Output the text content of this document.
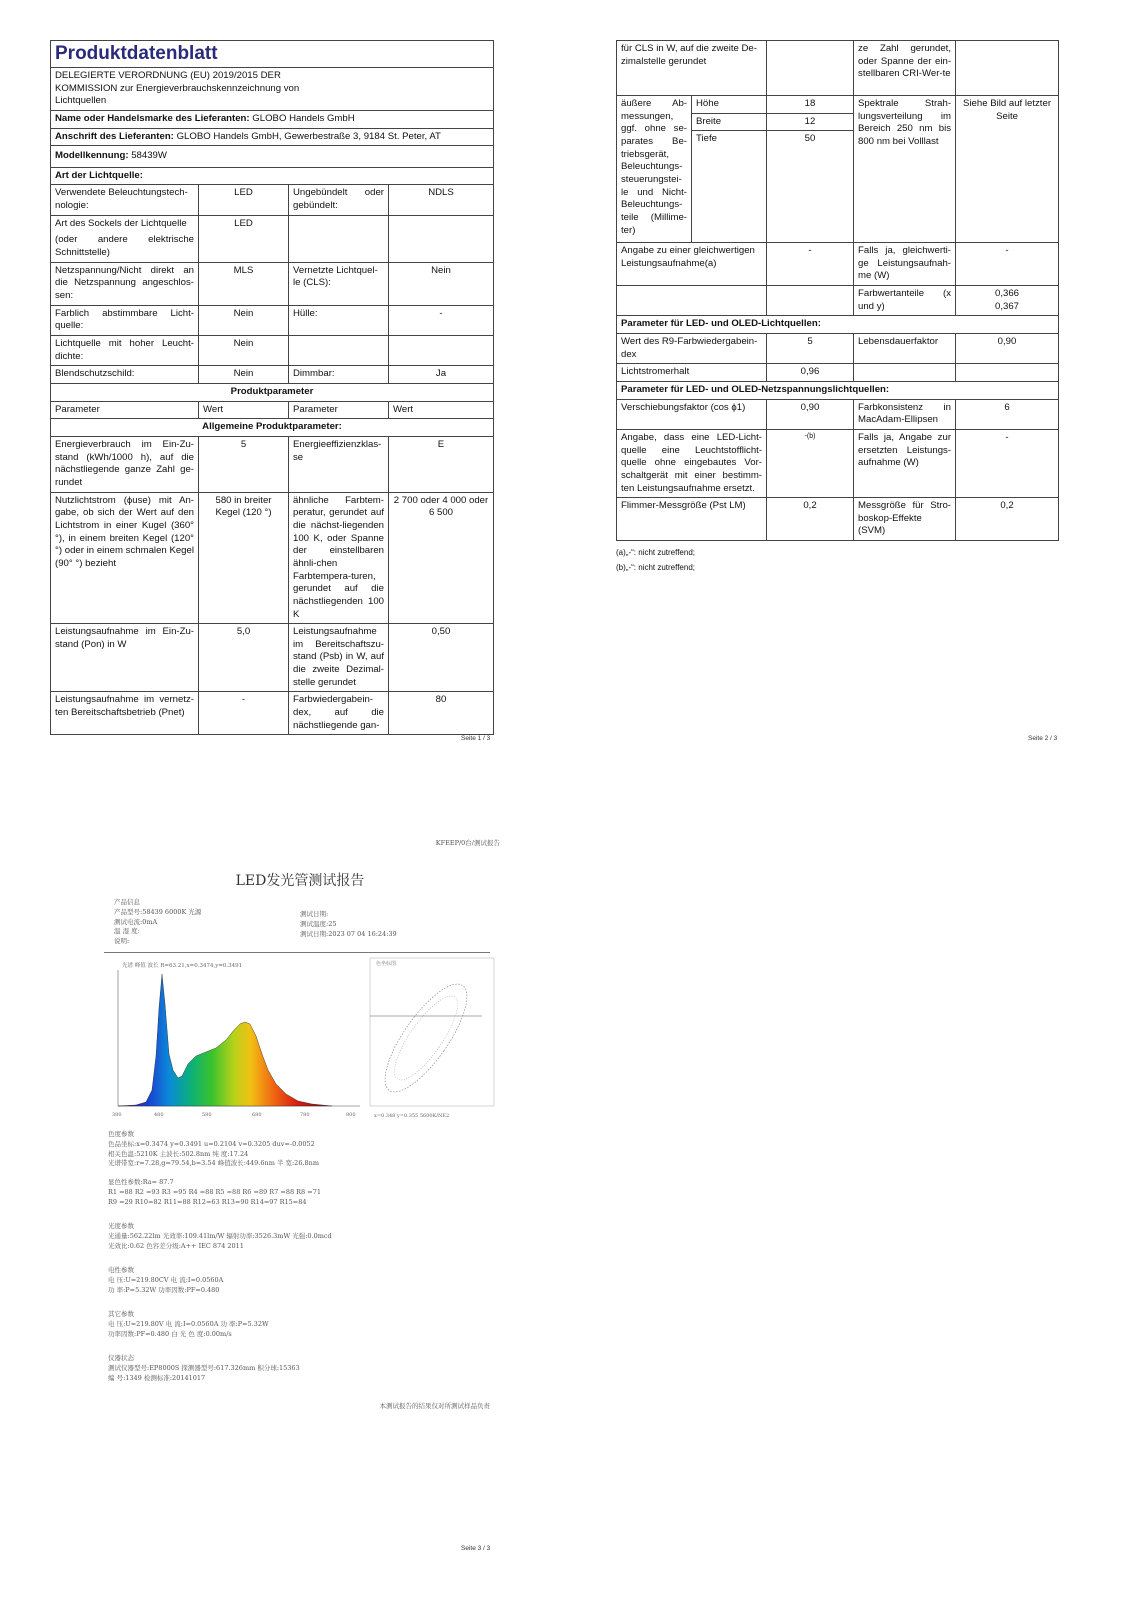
Produktdatenblatt			
DELEGIERTE VERORDNUNG (EU) 2019/2015 DER KOMMISSION zur Energieverbrauchskennzeichnung von Lichtquellen			
Name oder Handelsmarke des Lieferanten: GLOBO Handels GmbH			
Anschrift des Lieferanten: GLOBO Handels GmbH, Gewerbestraße 3, 9184 St. Peter, AT			
Modellkennung: 58439W			
Art der Lichtquelle:			
Verwendete Beleuchtungstech-nologie:	LED	Ungebündelt oder gebündelt:	NDLS

Art des Sockels der Lichtquelle
(oder andere elektrische Schnittstelle)	LED		
Netzspannung/Nicht direkt an die Netzspannung angeschlos-sen:	MLS	Vernetzte Lichtquel-le (CLS):	Nein
Farblich abstimmbare Licht-quelle:	Nein	Hülle:	-
Lichtquelle mit hoher Leucht-dichte:	Nein		
Blendschutzschild:	Nein	Dimmbar:	Ja
Produktparameter			
Parameter	Wert	Parameter	Wert
Allgemeine Produktparameter:			
Energieverbrauch im Ein-Zu-stand (kWh/1000 h), auf die nächstliegende ganze Zahl ge-rundet	5	Energieeffizienzklas-se	E
Nutzlichtstrom (ϕuse) mit An-gabe, ob sich der Wert auf den Lichtstrom in einer Kugel (360° °), in einem breiten Kegel (120°°) oder in einem schmalen Kegel (90° °) bezieht	580 in breiter Kegel (120 °)	ähnliche Farbtem-peratur, gerundet auf die nächst-liegenden 100 K, oder Spanne der einstellbaren ähnli-chen Farbtempera-turen, gerundet auf die nächstliegenden 100 K	2 700 oder 4 000 oder 6 500
Leistungsaufnahme im Ein-Zu-stand (Pon) in W	5,0	Leistungsaufnahme im Bereitschaftszu-stand (Psb) in W, auf die zweite Dezimal-stelle gerundet	0,50
Leistungsaufnahme im vernetz-ten Bereitschaftsbetrieb (Pnet)	-	Farbwiedergabein-dex, auf die nächstliegende gan-	80
Seite 1 / 3
für CLS in W, auf die zweite De-zimalstelle gerundet			ze Zahl gerundet, oder Spanne der ein-stellbaren CRI-Wer-te	
äußere Ab-messungen, ggf. ohne se-parates Be-triebsgerät, Beleuchtungs-steuerungstei-le und Nicht-Beleuchtungs-teile (Millime-ter)	Höhe	18	Spektrale Strah-lungsverteilung im Bereich 250 nm bis 800 nm bei Volllast	Siehe Bild auf letzter Seite
	Breite	12		
	Tiefe	50		
Angabe zu einer gleichwertigen Leistungsaufnahme(a)		-	Falls ja, gleichwerti-ge Leistungsaufnah-me (W)	-
			Farbwertanteile (x und y)	0,366
0,367

Parameter für LED- und OLED-Lichtquellen:				
Wert des R9-Farbwiedergabein-dex		5	Lebensdauerfaktor	0,90
Lichtstromerhalt		0,96		
Parameter für LED- und OLED-Netzspannungslichtquellen:				
Verschiebungsfaktor (cos ϕ1)		0,90	Farbkonsistenz in MacAdam-Ellipsen	6
Angabe, dass eine LED-Licht-quelle eine Leuchtstofflicht-quelle ohne eingebautes Vor-schaltgerät mit einer bestimm-ten Leistungsaufnahme ersetzt.		-(b)	Falls ja, Angabe zur ersetzten Leistungs-aufnahme (W)	-
Flimmer-Messgröße (Pst LM)		0,2	Messgröße für Stro-boskop-Effekte (SVM)	0,2
(a)„-“: nicht zutreffend;
(b)„-“: nicht zutreffend;
Seite 2 / 3
KFEEP/0台/测试报告
LED发光管测试报告
产品信息
产品型号:58439 6000K 光源
测试电流:0mA
温 湿 度:
说明:
测试日期:
测试温度:25
测试日期:2023 07 04 16:24:39
光谱 峰值 波长 R=63.21,x=0.3474,y=0.3491
380	480	580	680	780	800
色坐标图
x=0.348 y=0.355 5600K/NE2
色度参数
色品坐标:x=0.3474 y=0.3491 u=0.2104 v=0.3205 duv=-0.0052
相关色温:5210K 主波长:502.8nm 纯 度:17.24
光谱带宽:r=7.28,g=79.54,b=3.54 峰值波长:449.6nm 半 宽:26.8nm
显色性参数:Ra= 87.7
R1 =88 R2 =93 R3 =95 R4 =88 R5 =88 R6 =89 R7 =88 R8 =71
R9 =29 R10=82 R11=88 R12=63 R13=90 R14=97 R15=84
光度参数
光通量:562.22lm 光效率:109.41lm/W 辐射功率:3526.3mW 光强:0.0mcd
光效比:0.62 色容差分级:A++ IEC 874 2011
电性参数
电 压:U=219.80CV 电 流:I=0.0560A
功 率:P=5.32W 功率因数:PF=0.480
其它参数
电 压:U=219.80V 电 流:I=0.0560A 功 率:P=5.32W
功率因数:PF=0.480 白 光 色 度:0.00m/s
仪器状态
测试仪器型号:EP8000S 探测器型号:617.326mm 积分球:15363
编 号:1349 检测标准:20141017
本测试报告的结果仅对所测试样品负责
Seite 3 / 3
